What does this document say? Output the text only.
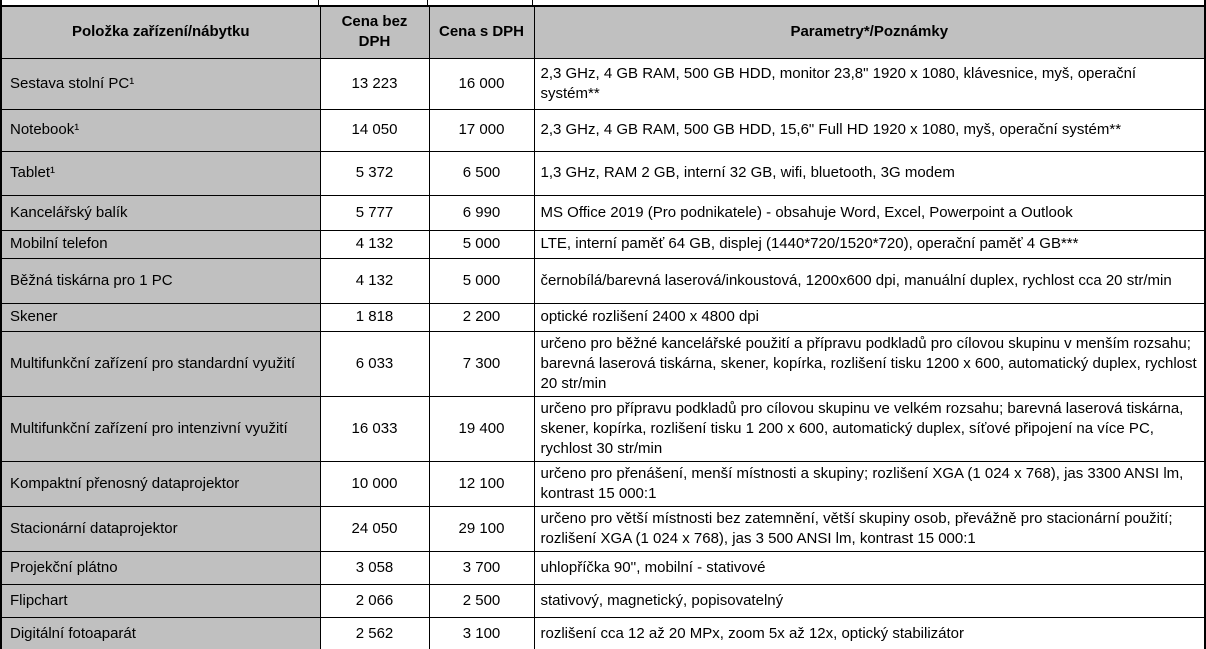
Položka zařízení/nábytku	Cena bez DPH	Cena s DPH	Parametry*/Poznámky
Sestava stolní PC¹	13 223	16 000	2,3 GHz, 4 GB RAM, 500 GB HDD, monitor 23,8" 1920 x 1080, klávesnice, myš, operační systém**
Notebook¹	14 050	17 000	2,3 GHz, 4 GB RAM, 500 GB HDD, 15,6" Full HD 1920 x 1080, myš, operační systém**
Tablet¹	5 372	6 500	1,3 GHz, RAM 2 GB, interní 32 GB, wifi, bluetooth, 3G modem
Kancelářský balík	5 777	6 990	MS Office 2019 (Pro podnikatele) - obsahuje Word, Excel, Powerpoint a Outlook
Mobilní telefon	4 132	5 000	LTE, interní paměť 64 GB, displej (1440*720/1520*720), operační paměť 4 GB***
Běžná tiskárna pro 1 PC	4 132	5 000	černobílá/barevná laserová/inkoustová, 1200x600 dpi, manuální duplex, rychlost cca 20 str/min
Skener	1 818	2 200	optické rozlišení 2400 x 4800 dpi
Multifunkční zařízení pro standardní využití	6 033	7 300	určeno pro běžné kancelářské použití a přípravu podkladů pro cílovou skupinu v menším rozsahu; barevná laserová tiskárna, skener, kopírka, rozlišení tisku 1200 x 600, automatický duplex, rychlost 20 str/min
Multifunkční zařízení pro intenzivní využití	16 033	19 400	určeno pro přípravu podkladů pro cílovou skupinu ve velkém rozsahu; barevná laserová tiskárna, skener, kopírka, rozlišení tisku 1 200 x 600, automatický duplex, síťové připojení na více PC, rychlost 30 str/min
Kompaktní přenosný dataprojektor	10 000	12 100	určeno pro přenášení, menší místnosti a skupiny; rozlišení XGA (1 024 x 768), jas 3300 ANSI lm, kontrast 15 000:1
Stacionární dataprojektor	24 050	29 100	určeno pro větší místnosti bez zatemnění, větší skupiny osob, převážně pro stacionární použití; rozlišení XGA (1 024 x 768), jas 3 500 ANSI lm, kontrast 15 000:1
Projekční plátno	3 058	3 700	uhlopříčka 90'', mobilní - stativové
Flipchart	2 066	2 500	stativový, magnetický, popisovatelný
Digitální fotoaparát	2 562	3 100	rozlišení cca 12 až 20 MPx, zoom 5x až 12x, optický stabilizátor
